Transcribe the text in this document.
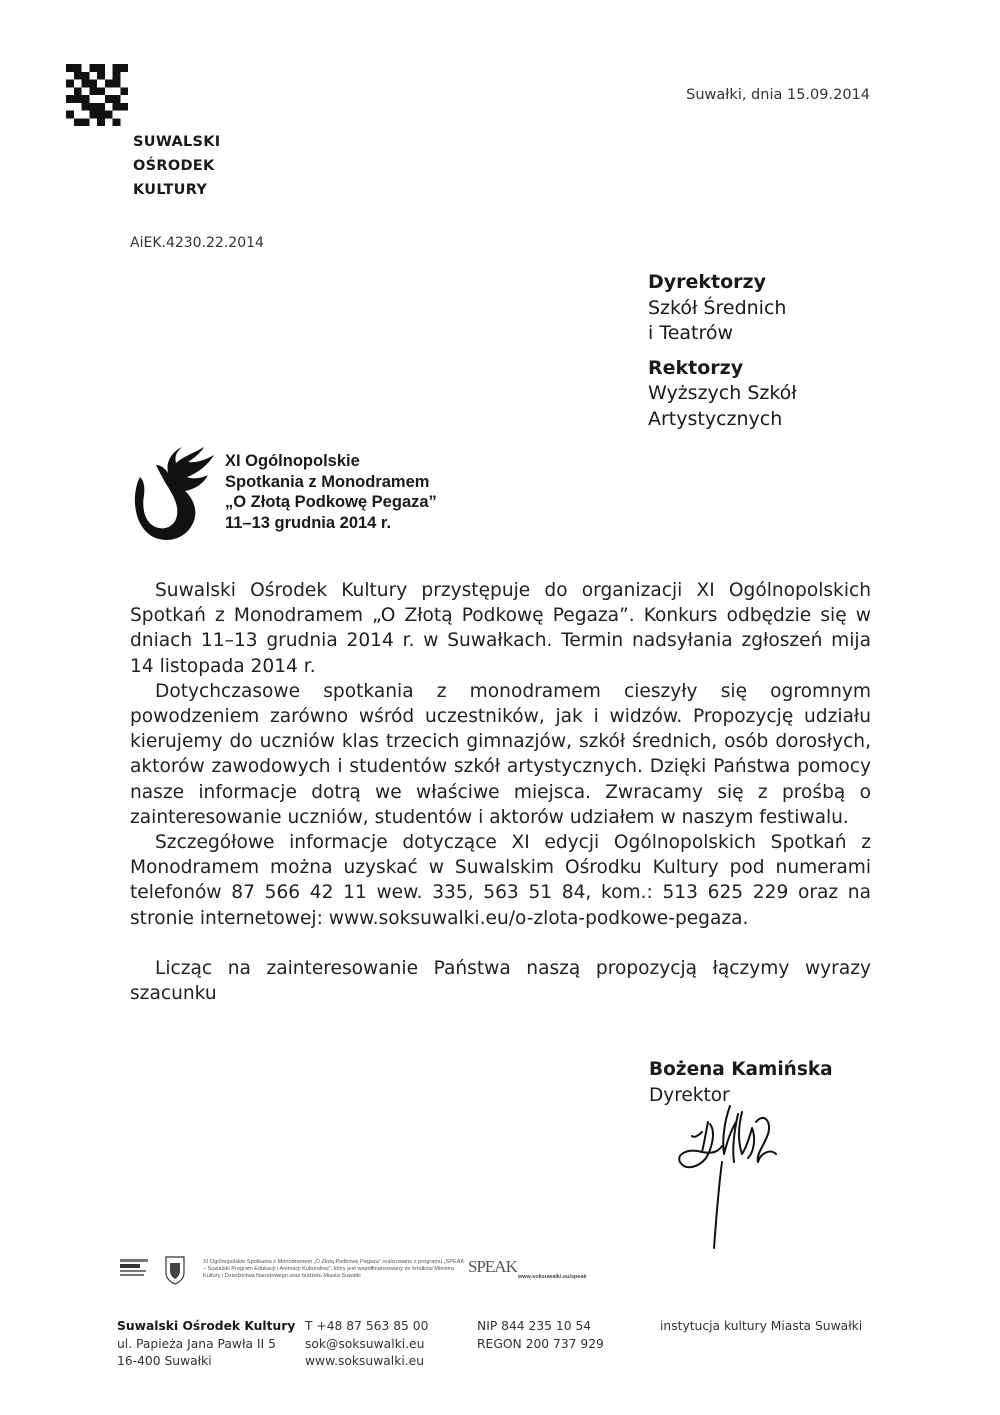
SUWALSKI
OŚRODEK
KULTURY
Suwałki, dnia 15.09.2014
AiEK.4230.22.2014
Dyrektorzy
Szkół Średnich
i Teatrów
Rektorzy
Wyższych Szkół
Artystycznych
XI Ogólnopolskie
Spotkania z Monodramem
„O Złotą Podkowę Pegaza”
11–13 grudnia 2014 r.

Suwalski Ośrodek Kultury przystępuje do organizacji XI Ogólnopolskich Spotkań z Monodramem „O Złotą Podkowę Pegaza”. Konkurs odbędzie się w dniach 11–13 grudnia 2014 r. w Suwałkach. Termin nadsyłania zgłoszeń mija 14 listopada 2014 r.

Dotychczasowe spotkania z monodramem cieszyły się ogromnym powodzeniem zarówno wśród uczestników, jak i widzów. Propozycję udziału kierujemy do uczniów klas trzecich gimnazjów, szkół średnich, osób dorosłych, aktorów zawodowych i studentów szkół artystycznych. Dzięki Państwa pomocy nasze informacje dotrą we właściwe miejsca. Zwracamy się z prośbą o zainteresowanie uczniów, studentów i aktorów udziałem w naszym festiwalu.

Szczegółowe informacje dotyczące XI edycji Ogólnopolskich Spotkań z Monodramem można uzyskać w Suwalskim Ośrodku Kultury pod numerami telefonów 87 566 42 11 wew. 335, 563 51 84, kom.: 513 625 229 oraz na stronie internetowej: www.soksuwalki.eu/o-zlota-podkowe-pegaza.

Licząc na zainteresowanie Państwa naszą propozycją łączymy wyrazy szacunku

Bożena Kamińska
Dyrektor
XI Ogólnopolskie Spotkania z Monodramem „O Złotą Podkowę Pegaza” realizowano z programu „SPEAK – Suwalski Program Edukacji i Animacji Kulturalnej”, który jest współfinansowany ze środków Ministra Kultury i Dziedzictwa Narodowego oraz budżetu Miasta Suwałki	SPEAK
www.soksuwalki.eu/speak
Suwalski Ośrodek Kultury
ul. Papieża Jana Pawła II 5
16-400 Suwałki
T +48 87 563 85 00
sok@soksuwalki.eu
www.soksuwalki.eu
NIP 844 235 10 54
REGON 200 737 929
instytucja kultury Miasta Suwałki
